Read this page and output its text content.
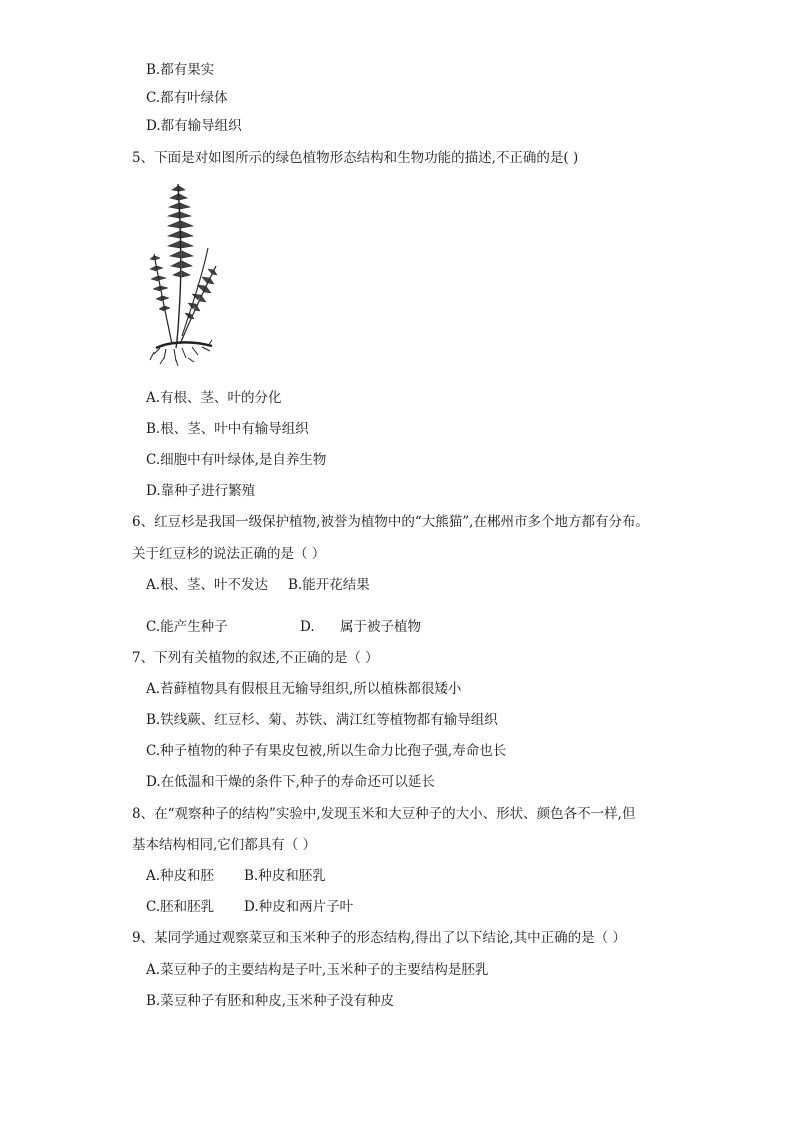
B.都有果实
C.都有叶绿体
D.都有输导组织
5、下面是对如图所示的绿色植物形态结构和生物功能的描述,不正确的是( )
A.有根、茎、叶的分化
B.根、茎、叶中有输导组织
C.细胞中有叶绿体,是自养生物
D.靠种子进行繁殖
6、红豆杉是我国一级保护植物,被誉为植物中的“大熊猫”,在郴州市多个地方都有分布。
关于红豆杉的说法正确的是（ ）
A.根、茎、叶不发达 B.能开花结果
C.能产生种子	D. 属于被子植物
7、下列有关植物的叙述,不正确的是（ ）
A.苔藓植物具有假根且无输导组织,所以植株都很矮小
B.铁线蕨、红豆杉、菊、苏铁、满江红等植物都有输导组织
C.种子植物的种子有果皮包被,所以生命力比孢子强,寿命也长
D.在低温和干燥的条件下,种子的寿命还可以延长
8、在“观察种子的结构”实验中,发现玉米和大豆种子的大小、形状、颜色各不一样,但
基本结构相同,它们都具有（ ）
A.种皮和胚 B.种皮和胚乳
C.胚和胚乳 D.种皮和两片子叶
9、某同学通过观察菜豆和玉米种子的形态结构,得出了以下结论,其中正确的是（ ）
A.菜豆种子的主要结构是子叶,玉米种子的主要结构是胚乳
B.菜豆种子有胚和种皮,玉米种子没有种皮
